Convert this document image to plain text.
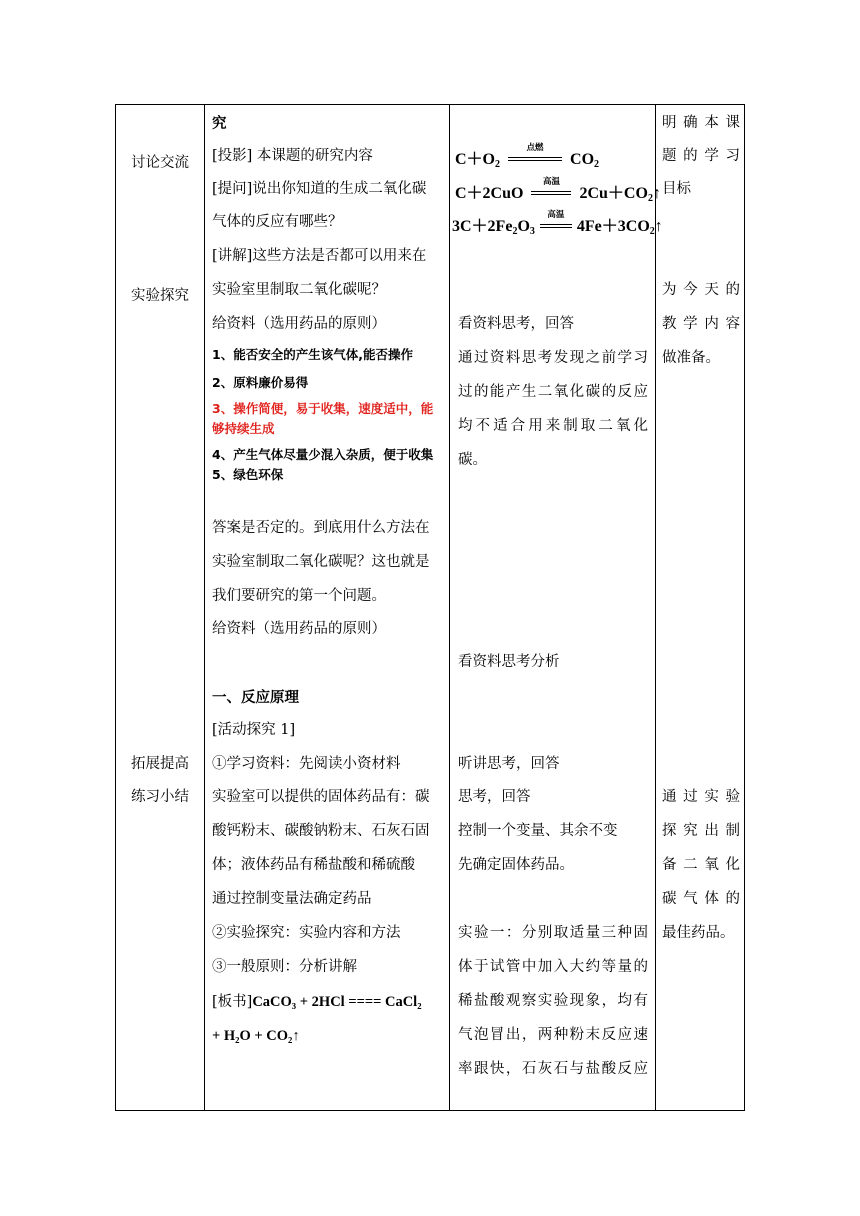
讨论交流
实验探究
拓展提高
练习小结
究
[投影] 本课题的研究内容
[提问]说出你知道的生成二氧化碳
气体的反应有哪些？
[讲解]这些方法是否都可以用来在
实验室里制取二氧化碳呢？
给资料（选用药品的原则）
1、能否安全的产生该气体,能否操作
2、原料廉价易得
3、操作简便，易于收集，速度适中，能
够持续生成
4、产生气体尽量少混入杂质，便于收集
5、绿色环保
答案是否定的。到底用什么方法在
实验室制取二氧化碳呢？这也就是
我们要研究的第一个问题。
给资料（选用药品的原则）
一、反应原理
[活动探究 1]
①学习资料：先阅读小资材料
实验室可以提供的固体药品有：碳
酸钙粉末、碳酸钠粉末、石灰石固
体；液体药品有稀盐酸和稀硫酸
通过控制变量法确定药品
②实验探究：实验内容和方法
③一般原则：分析讲解
[板书]CaCO₃ + 2HCl ==== CaCl₂
+ H₂O + CO₂↑
$C+O_2$
点燃
$CO_2$
C＋2CuO
高温
$2Cu+CO_2↑$
$3C+2Fe_2O_3$
高温
$4Fe+3CO_2↑$
看资料思考，回答
通过资料思考发现之前学习
过的能产生二氧化碳的反应
均不适合用来制取二氧化
碳。
看资料思考分析
听讲思考，回答
思考，回答
控制一个变量、其余不变
先确定固体药品。
实验一：分别取适量三种固
体于试管中加入大约等量的
稀盐酸观察实验现象，均有
气泡冒出，两种粉末反应速
率跟快，石灰石与盐酸反应
明确本课
题的学习
目标
为今天的
教学内容
做准备。
通过实验
探究出制
备二氧化
碳气体的
最佳药品。
